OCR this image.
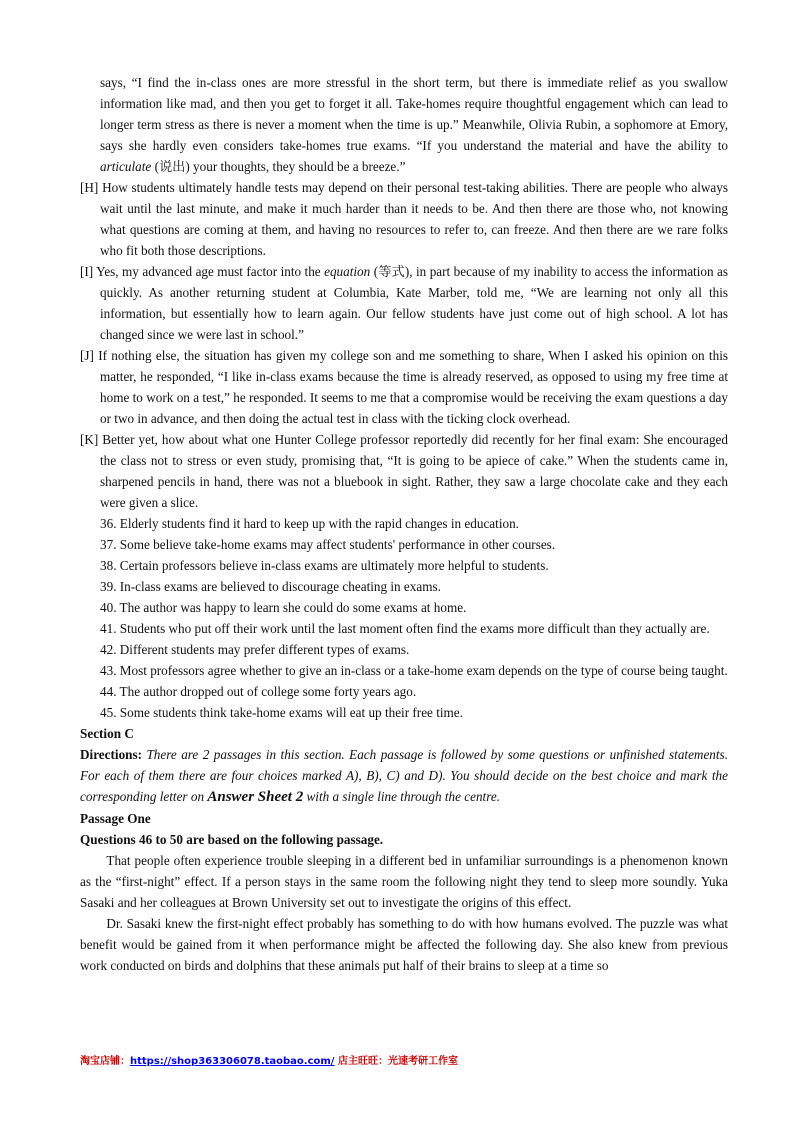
says, “I find the in-class ones are more stressful in the short term, but there is immediate relief as you swallow information like mad, and then you get to forget it all. Take-homes require thoughtful engagement which can lead to longer term stress as there is never a moment when the time is up.” Meanwhile, Olivia Rubin, a sophomore at Emory, says she hardly even considers take-homes true exams. “If you understand the material and have the ability to articulate (说出) your thoughts, they should be a breeze.”

[H] How students ultimately handle tests may depend on their personal test-taking abilities. There are people who always wait until the last minute, and make it much harder than it needs to be. And then there are those who, not knowing what questions are coming at them, and having no resources to refer to, can freeze. And then there are we rare folks who fit both those descriptions.

[I] Yes, my advanced age must factor into the equation (等式), in part because of my inability to access the information as quickly. As another returning student at Columbia, Kate Marber, told me, “We are learning not only all this information, but essentially how to learn again. Our fellow students have just come out of high school. A lot has changed since we were last in school.”

[J] If nothing else, the situation has given my college son and me something to share, When I asked his opinion on this matter, he responded, “I like in-class exams because the time is already reserved, as opposed to using my free time at home to work on a test,” he responded. It seems to me that a compromise would be receiving the exam questions a day or two in advance, and then doing the actual test in class with the ticking clock overhead.

[K] Better yet, how about what one Hunter College professor reportedly did recently for her final exam: She encouraged the class not to stress or even study, promising that, “It is going to be apiece of cake.” When the students came in, sharpened pencils in hand, there was not a bluebook in sight. Rather, they saw a large chocolate cake and they each were given a slice.

36. Elderly students find it hard to keep up with the rapid changes in education.

37. Some believe take-home exams may affect students' performance in other courses.

38. Certain professors believe in-class exams are ultimately more helpful to students.

39. In-class exams are believed to discourage cheating in exams.

40. The author was happy to learn she could do some exams at home.

41. Students who put off their work until the last moment often find the exams more difficult than they actually are.

42. Different students may prefer different types of exams.

43. Most professors agree whether to give an in-class or a take-home exam depends on the type of course being taught.

44. The author dropped out of college some forty years ago.

45. Some students think take-home exams will eat up their free time.

Section C

Directions: There are 2 passages in this section. Each passage is followed by some questions or unfinished statements. For each of them there are four choices marked A), B), C) and D). You should decide on the best choice and mark the corresponding letter on Answer Sheet 2 with a single line through the centre.

Passage One

Questions 46 to 50 are based on the following passage.

That people often experience trouble sleeping in a different bed in unfamiliar surroundings is a phenomenon known as the “first-night” effect. If a person stays in the same room the following night they tend to sleep more soundly. Yuka Sasaki and her colleagues at Brown University set out to investigate the origins of this effect.

Dr. Sasaki knew the first-night effect probably has something to do with how humans evolved. The puzzle was what benefit would be gained from it when performance might be affected the following day. She also knew from previous work conducted on birds and dolphins that these animals put half of their brains to sleep at a time so

淘宝店铺：https://shop363306078.taobao.com/ 店主旺旺：光速考研工作室
